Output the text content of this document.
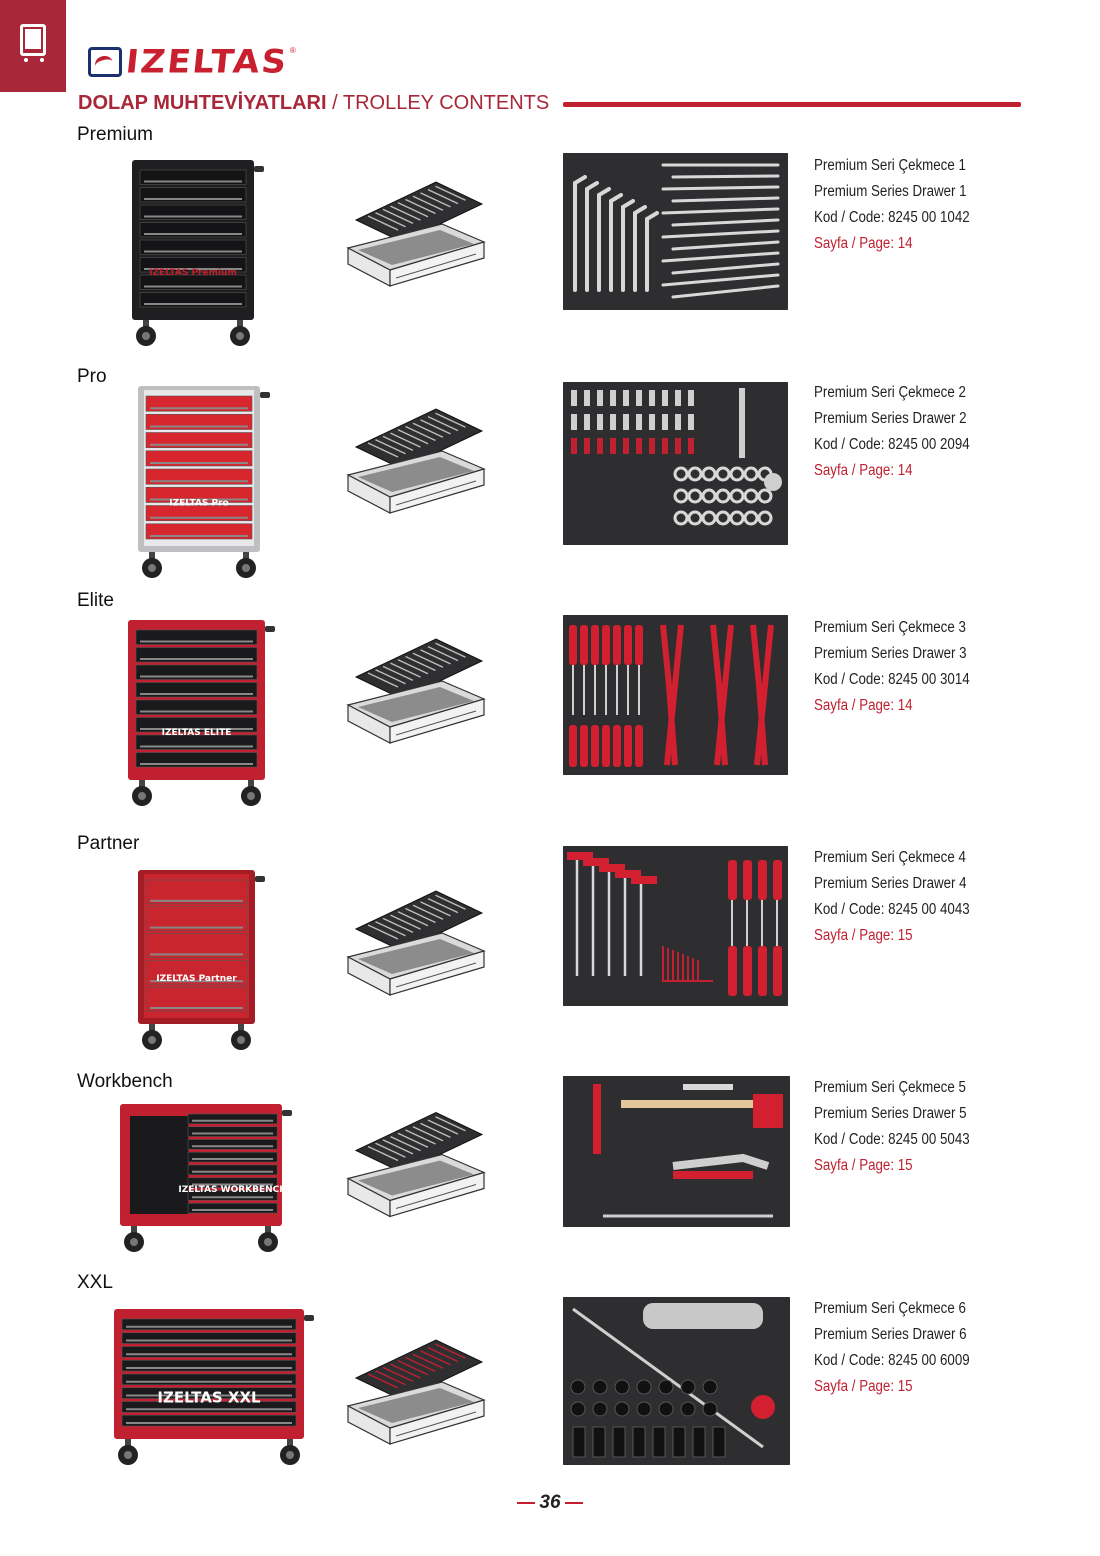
IZELTAS ®
DOLAP MUHTEVİYATLARI / TROLLEY CONTENTS
36
Premium
IZELTAS Premium
Premium Seri Çekmece 1
Premium Series Drawer 1
Kod / Code: 8245 00 1042
Sayfa / Page: 14
Pro
IZELTAS Pro
Premium Seri Çekmece 2
Premium Series Drawer 2
Kod / Code: 8245 00 2094
Sayfa / Page: 14
Elite
IZELTAS ELITE
Premium Seri Çekmece 3
Premium Series Drawer 3
Kod / Code: 8245 00 3014
Sayfa / Page: 14
Partner
IZELTAS Partner
Premium Seri Çekmece 4
Premium Series Drawer 4
Kod / Code: 8245 00 4043
Sayfa / Page: 15
Workbench
IZELTAS WORKBENCH
Premium Seri Çekmece 5
Premium Series Drawer 5
Kod / Code: 8245 00 5043
Sayfa / Page: 15
XXL
IZELTAS XXL
Premium Seri Çekmece 6
Premium Series Drawer 6
Kod / Code: 8245 00 6009
Sayfa / Page: 15
